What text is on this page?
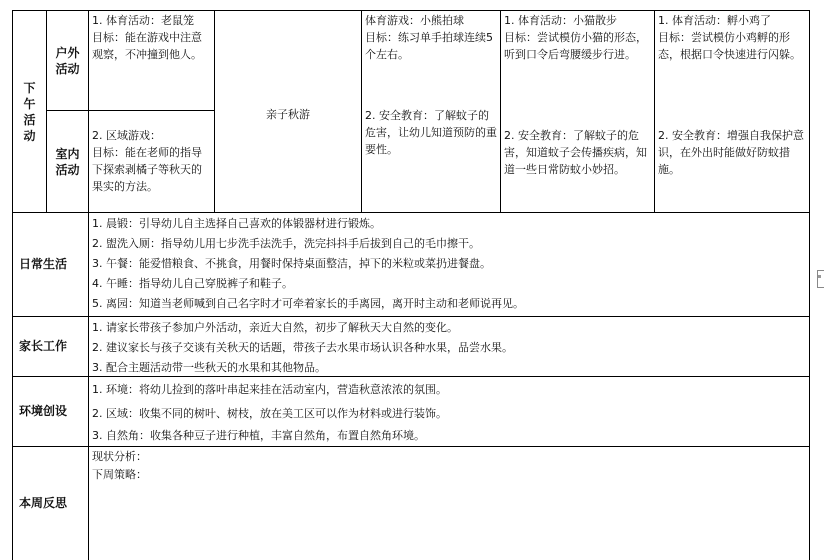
下
午
活
动
户外
活动
室内
活动
1. 体育活动：老鼠笼
目标：能在游戏中注意观察，不冲撞到他人。
2. 区域游戏：
目标：能在老师的指导下探索剥橘子等秋天的果实的方法。
亲子秋游
体育游戏：小熊拍球
目标：练习单手拍球连续5个左右。
2. 安全教育：了解蚊子的危害，让幼儿知道预防的重要性。
1. 体育活动：小猫散步
目标：尝试模仿小猫的形态，听到口令后弯腰缓步行进。
2. 安全教育：了解蚊子的危害，知道蚊子会传播疾病，知道一些日常防蚊小妙招。
1. 体育活动：孵小鸡了
目标：尝试模仿小鸡孵的形态，根据口令快速进行闪躲。
2. 安全教育：增强自我保护意识，在外出时能做好防蚊措施。
日常生活
1. 晨锻：引导幼儿自主选择自己喜欢的体锻器材进行锻炼。
2. 盥洗入厕：指导幼儿用七步洗手法洗手，洗完抖抖手后拔到自己的毛巾擦干。
3. 午餐：能爱惜粮食、不挑食，用餐时保持桌面整洁，掉下的米粒或菜扔进餐盘。
4. 午睡：指导幼儿自己穿脱裤子和鞋子。
5. 离园：知道当老师喊到自己名字时才可牵着家长的手离园，离开时主动和老师说再见。
家长工作
1. 请家长带孩子参加户外活动，亲近大自然，初步了解秋天大自然的变化。
2. 建议家长与孩子交谈有关秋天的话题，带孩子去水果市场认识各种水果，品尝水果。
3. 配合主题活动带一些秋天的水果和其他物品。
环境创设
1. 环境：将幼儿捡到的落叶串起来挂在活动室内，营造秋意浓浓的氛围。
2. 区域：收集不同的树叶、树枝，放在美工区可以作为材料或进行装饰。
3. 自然角：收集各种豆子进行种植，丰富自然角，布置自然角环境。
本周反思
现状分析：
下周策略：
